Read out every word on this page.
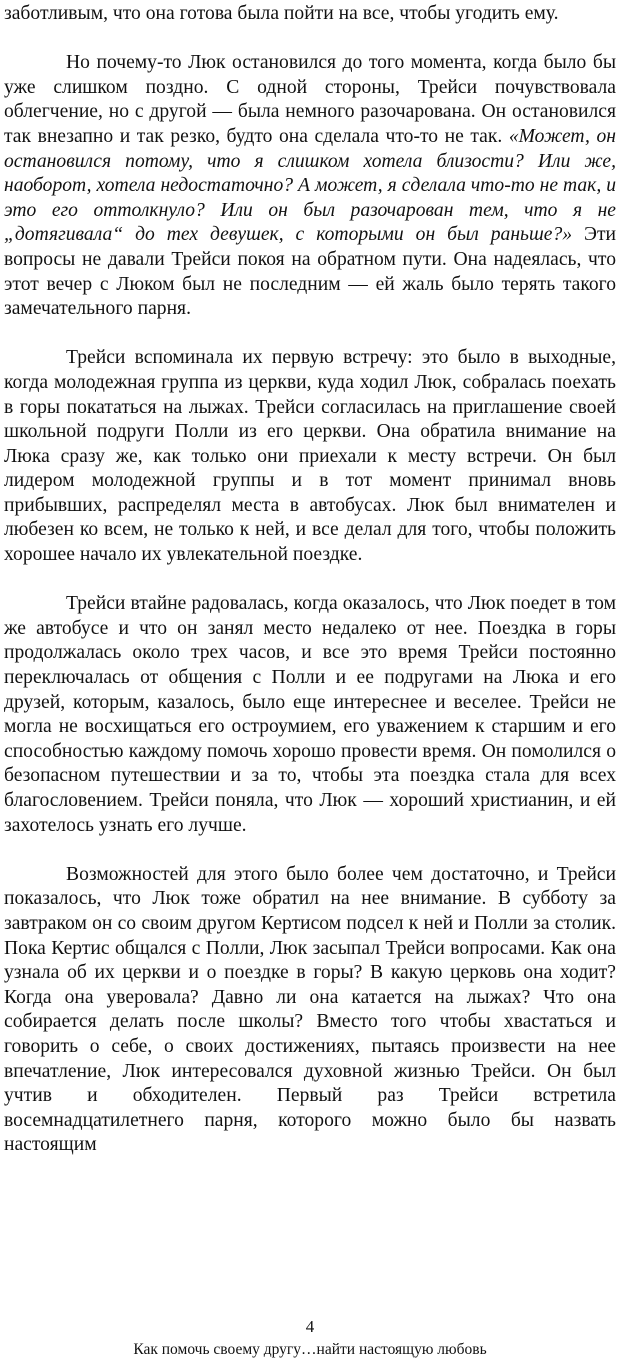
заботливым, что она готова была пойти на все, чтобы угодить ему.

Но почему-то Люк остановился до того момента, когда было бы уже слишком поздно. С одной стороны, Трейси почувствовала облегчение, но с другой — была немного разочарована. Он остановился так внезапно и так резко, будто она сделала что-то не так. «Может, он остановился потому, что я слишком хотела близости? Или же, наоборот, хотела недостаточно? А может, я сделала что-то не так, и это его оттолкнуло? Или он был разочарован тем, что я не „дотягивала“ до тех девушек, с которыми он был раньше?» Эти вопросы не давали Трейси покоя на обратном пути. Она надеялась, что этот вечер с Люком был не последним — ей жаль было терять такого замечательного парня.

Трейси вспоминала их первую встречу: это было в выходные, когда молодежная группа из церкви, куда ходил Люк, собралась поехать в горы покататься на лыжах. Трейси согласилась на приглашение своей школьной подруги Полли из его церкви. Она обратила внимание на Люка сразу же, как только они приехали к месту встречи. Он был лидером молодежной группы и в тот момент принимал вновь прибывших, распределял места в автобусах. Люк был внимателен и любезен ко всем, не только к ней, и все делал для того, чтобы положить хорошее начало их увлекательной поездке.

Трейси втайне радовалась, когда оказалось, что Люк поедет в том же автобусе и что он занял место недалеко от нее. Поездка в горы продолжалась около трех часов, и все это время Трейси постоянно переключалась от общения с Полли и ее подругами на Люка и его друзей, которым, казалось, было еще интереснее и веселее. Трейси не могла не восхищаться его остроумием, его уважением к старшим и его способностью каждому помочь хорошо провести время. Он помолился о безопасном путешествии и за то, чтобы эта поездка стала для всех благословением. Трейси поняла, что Люк — хороший христианин, и ей захотелось узнать его лучше.

Возможностей для этого было более чем достаточно, и Трейси показалось, что Люк тоже обратил на нее внимание. В субботу за завтраком он со своим другом Кертисом подсел к ней и Полли за столик. Пока Кертис общался с Полли, Люк засыпал Трейси вопросами. Как она узнала об их церкви и о поездке в горы? В какую церковь она ходит? Когда она уверовала? Давно ли она катается на лыжах? Что она собирается делать после школы? Вместо того чтобы хвастаться и говорить о себе, о своих достижениях, пытаясь произвести на нее впечатление, Люк интересовался духовной жизнью Трейси. Он был учтив и обходителен. Первый раз Трейси встретила восемнадцатилетнего парня, которого можно было бы назвать настоящим

4
Как помочь своему другу…найти настоящую любовь
